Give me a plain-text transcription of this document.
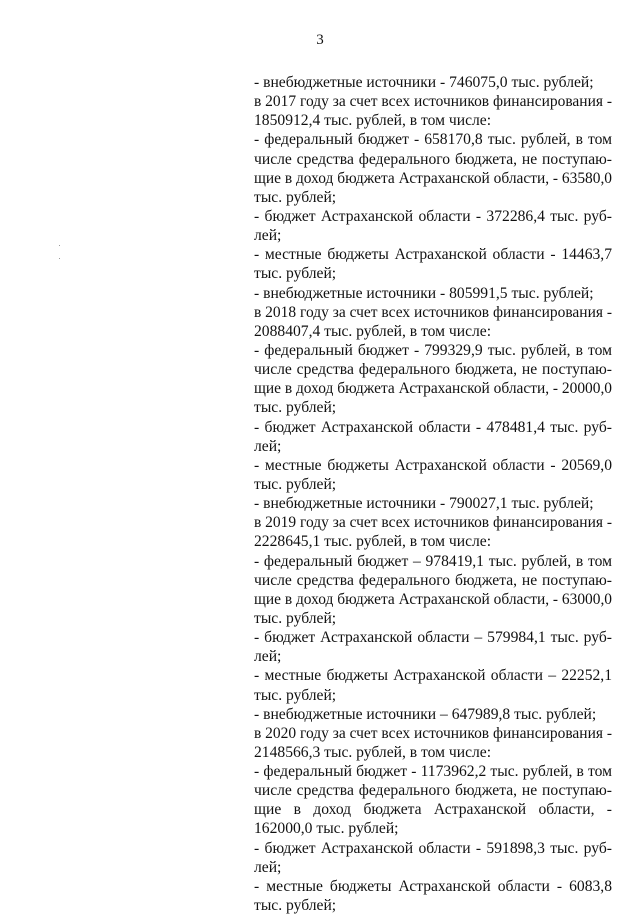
3
- внебюджетные источники - 746075,0 тыс. рублей;
в 2017 году за счет всех источников финансирования -
1850912,4 тыс. рублей, в том числе:
- федеральный бюджет - 658170,8 тыс. рублей, в том
числе средства федерального бюджета, не поступаю-
щие в доход бюджета Астраханской области, - 63580,0
тыс. рублей;
- бюджет Астраханской области - 372286,4 тыс. руб-
лей;
- местные бюджеты Астраханской области - 14463,7
тыс. рублей;
- внебюджетные источники - 805991,5 тыс. рублей;
в 2018 году за счет всех источников финансирования -
2088407,4 тыс. рублей, в том числе:
- федеральный бюджет - 799329,9 тыс. рублей, в том
числе средства федерального бюджета, не поступаю-
щие в доход бюджета Астраханской области, - 20000,0
тыс. рублей;
- бюджет Астраханской области - 478481,4 тыс. руб-
лей;
- местные бюджеты Астраханской области - 20569,0
тыс. рублей;
- внебюджетные источники - 790027,1 тыс. рублей;
в 2019 году за счет всех источников финансирования -
2228645,1 тыс. рублей, в том числе:
- федеральный бюджет – 978419,1 тыс. рублей, в том
числе средства федерального бюджета, не поступаю-
щие в доход бюджета Астраханской области, - 63000,0
тыс. рублей;
- бюджет Астраханской области – 579984,1 тыс. руб-
лей;
- местные бюджеты Астраханской области – 22252,1
тыс. рублей;
- внебюджетные источники – 647989,8 тыс. рублей;
в 2020 году за счет всех источников финансирования -
2148566,3 тыс. рублей, в том числе:
- федеральный бюджет - 1173962,2 тыс. рублей, в том
числе средства федерального бюджета, не поступаю-
щие в доход бюджета Астраханской области, -
162000,0 тыс. рублей;
- бюджет Астраханской области - 591898,3 тыс. руб-
лей;
- местные бюджеты Астраханской области - 6083,8
тыс. рублей;
